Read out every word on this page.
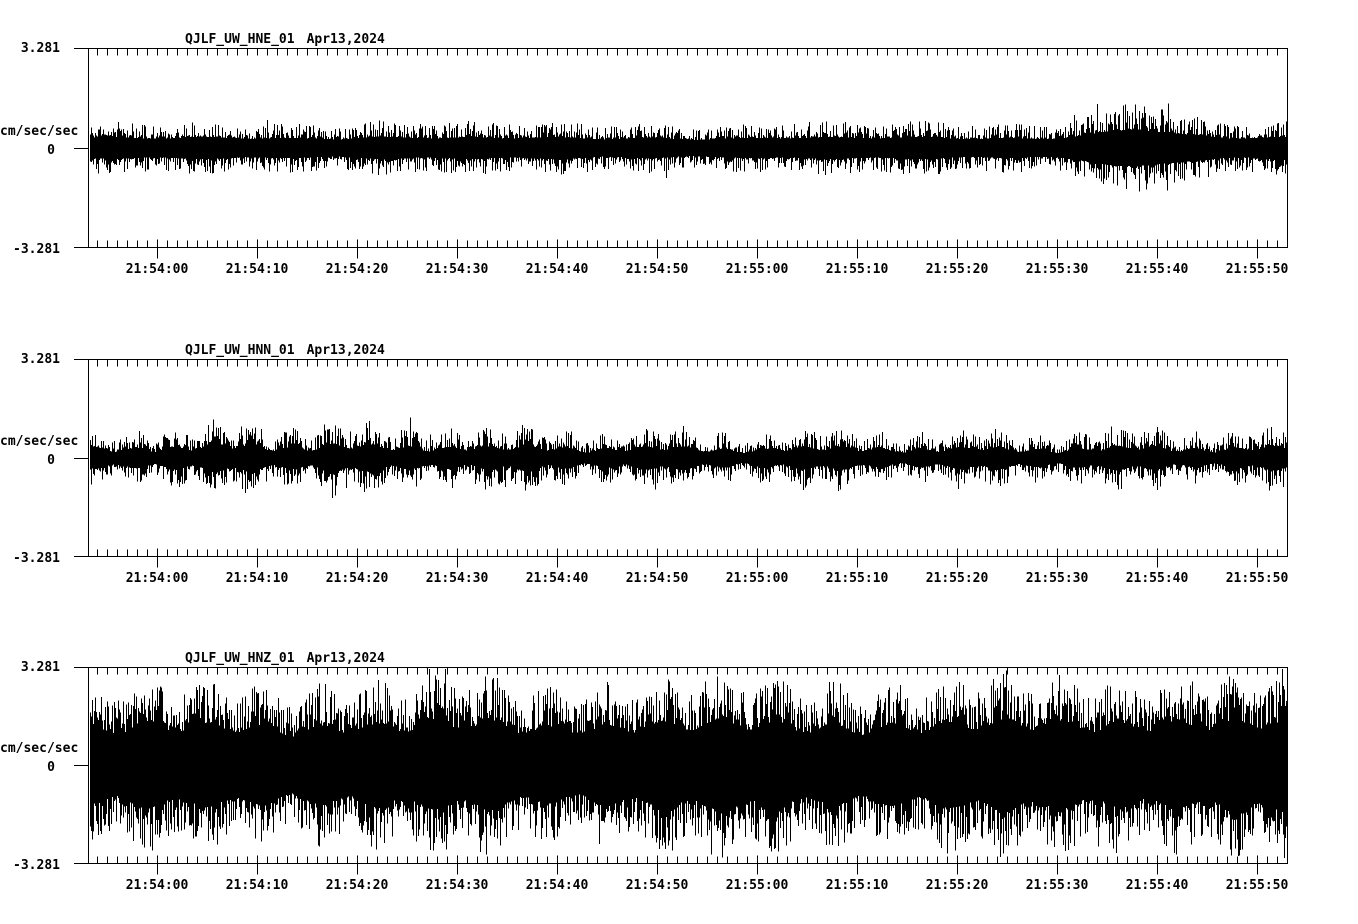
QJLF_UW_HNE_01 Apr13,2024
3.281
cm/sec/sec
0
-3.281
21:54:00	21:54:10	21:54:20	21:54:30	21:54:40	21:54:50	21:55:00	21:55:10	21:55:20	21:55:30	21:55:40	21:55:50
QJLF_UW_HNN_01 Apr13,2024
3.281
cm/sec/sec
0
-3.281
21:54:00	21:54:10	21:54:20	21:54:30	21:54:40	21:54:50	21:55:00	21:55:10	21:55:20	21:55:30	21:55:40	21:55:50
QJLF_UW_HNZ_01 Apr13,2024
3.281
cm/sec/sec
0
-3.281
21:54:00	21:54:10	21:54:20	21:54:30	21:54:40	21:54:50	21:55:00	21:55:10	21:55:20	21:55:30	21:55:40	21:55:50
